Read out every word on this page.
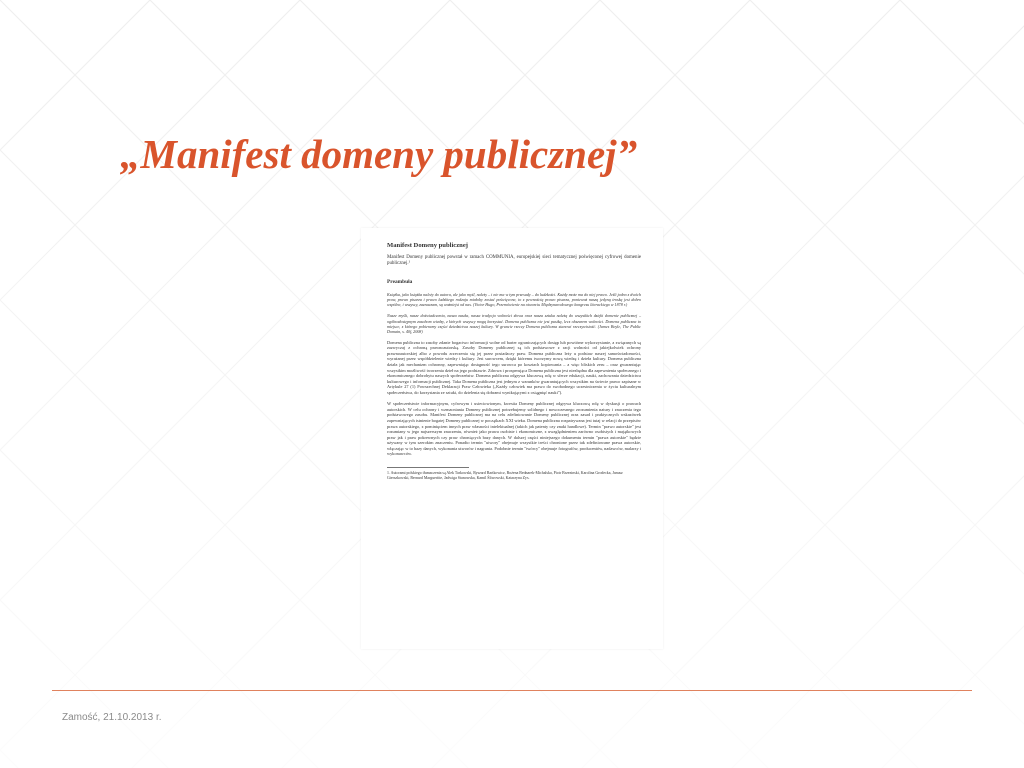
„Manifest domeny publicznej”

Manifest Domeny publicznej

Manifest Domeny publicznej powstał w ramach COMMUNIA, europejskiej sieci tematycznej poświęconej cyfrowej domenie publicznej.¹

Preambuła

Książka, jako książka należy do autora, ale jako myśl, należy – i nie ma w tym przesady – do ludzkości. Każdy może ma do niej prawo. Jeśli jedno z dwóch praw, prawo pisarza i prawo ludzkiego rodzaju miałoby zostać poświęcone, to z pewnością prawo pisarza, ponieważ naszą jedyną troską jest dobro wspólne, i wszyscy, zaznaczam, są ważniejsi od nas. (Victor Hugo, Przemówienie na otwarciu Międzynarodowego kongresu literackiego w 1878 r.)

Nasze myśli, nasze doświadczenia, nasza nauka, nasza tradycja wolności słowa oraz nasza sztuka należą do wszystkich dzięki domenie publicznej – ogólnodostępnym zasobom wiedzy, z których wszyscy mogą korzystać. Domena publiczna nie jest pustką, lecz obszarem wolności. Domena publiczna to miejsce, z którego pobieramy części dziedzictwa naszej kultury. W gruncie rzeczy Domena publiczna stanowi rzeczywistość. (James Boyle, The Public Domain, s. 40f, 2008)

Domena publiczna to zasoby zdanie bogactwo informacji wolne od barier ograniczających dostęp lub powtórne wykorzystanie, a związanych są zazwyczaj z ochroną prawnoautorską. Zasoby Domeny publicznej są ich podstawowe z racji wolności od jakiejkolwiek ochrony prawnoautorskiej albo z powodu zrzeczenia się jej przez posiadaczy praw. Domena publiczna leży u podstaw naszej samoświadomości, wyrażanej przez współdzielenie wiedzy i kultury. Jest surowcem, dzięki któremu tworzymy nową wiedzę i dzieła kultury. Domena publiczna działa jak mechanizm ochronny, zapewniając dostępność tego surowca po kosztach kopiowania – a więc bliskich zeru – oraz gwarantując wszystkim możliwość tworzenia dzieł na jego podstawie. Zdrowa i prosperująca Domena publiczna jest niezbędna dla zapewnienia społecznego i ekonomicznego dobrobytu naszych społeczeństw. Domena publiczna odgrywa kluczową rolę w sferze edukacji, nauki, zachowania dziedzictwa kulturowego i informacji publicznej. Taka Domena publiczna jest jednym z warunków gwarantujących wszystkim na świecie prawo zapisane w Artykule 27 (1) Powszechnej Deklaracji Praw Człowieka („Każdy człowiek ma prawo do swobodnego uczestniczenia w życiu kulturalnym społeczeństwa, do korzystania ze sztuki, do dzielenia się dobrami wynikającymi z osiągnięć nauki”).

W społeczeństwie informacyjnym, cyfrowym i usieciowionym, kwestia Domeny publicznej odgrywa kluczową rolę w dyskusji o prawach autorskich. W celu ochrony i wzmacniania Domeny publicznej potrzebujemy solidnego i nowoczesnego zrozumienia natury i znaczenia tego podstawowego zasobu. Manifest Domeny publicznej ma na celu zdefiniowanie Domeny publicznej oraz zasad i praktycznych wskazówek zapewniających istnienie bogatej Domeny publicznej w początkach XXI wieku. Domena publiczna rozpatrywana jest tutaj w relacji do przepisów prawa autorskiego, z pominięciem innych praw własności intelektualnej (takich jak patenty czy znaki handlowe). Termin "prawo autorskie" jest rozumiany w jego najszerszym znaczeniu, również jako prawa osobiste i ekonomiczne, z uwzględnieniem zarówno osobistych i majątkowych praw jak i praw pokrewnych czy praw chroniących bazy danych. W dalszej części niniejszego dokumentu termin "prawa autorskie" będzie używany w tym szerokim znaczeniu. Ponadto termin "utwory" obejmuje wszystkie treści chronione przez tak zdefiniowane prawa autorskie, włączając w to bazy danych, wykonania utworów i nagrania. Podobnie termin "twórcy" obejmuje fotografów, producentów, nadawców, malarzy i wykonawców.

1. Autorami polskiego tłumaczenia są Alek Tarkowski, Ryszard Bartkowicz, Bożena Bednarek-Michalska, Piotr Brzezinski, Karolina Grodecka, Janusz Gierszkowski, Bernard Margueritte, Jadwiga Stanowska, Kamil Śliwowski, Katarzyna Zys.

Zamość, 21.10.2013 r.
